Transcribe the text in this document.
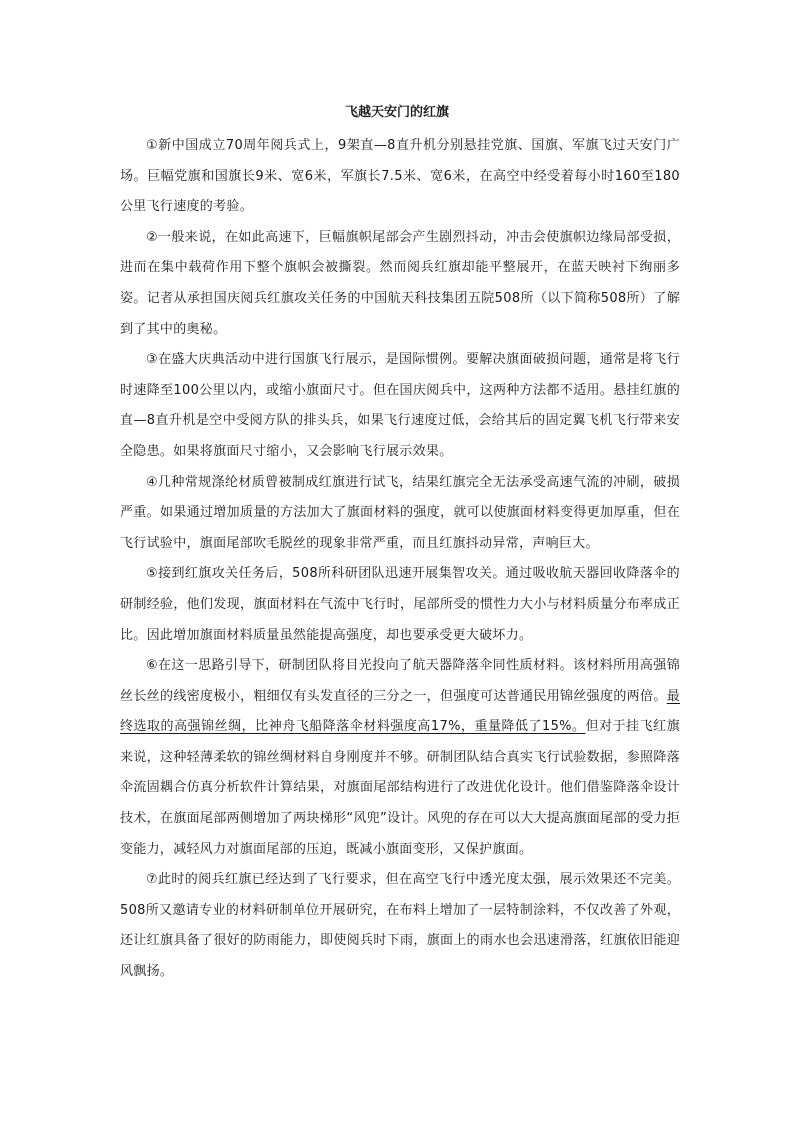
飞越天安门的红旗

①新中国成立70周年阅兵式上，9架直—8直升机分别悬挂党旗、国旗、军旗飞过天安门广场。巨幅党旗和国旗长9米、宽6米，军旗长7.5米、宽6米，在高空中经受着每小时160至180公里飞行速度的考验。

②一般来说，在如此高速下，巨幅旗帜尾部会产生剧烈抖动，冲击会使旗帜边缘局部受损，进而在集中载荷作用下整个旗帜会被撕裂。然而阅兵红旗却能平整展开，在蓝天映衬下绚丽多姿。记者从承担国庆阅兵红旗攻关任务的中国航天科技集团五院508所（以下简称508所）了解到了其中的奥秘。

③在盛大庆典活动中进行国旗飞行展示，是国际惯例。要解决旗面破损问题，通常是将飞行时速降至100公里以内，或缩小旗面尺寸。但在国庆阅兵中，这两种方法都不适用。悬挂红旗的直—8直升机是空中受阅方队的排头兵，如果飞行速度过低，会给其后的固定翼飞机飞行带来安全隐患。如果将旗面尺寸缩小，又会影响飞行展示效果。

④几种常规涤纶材质曾被制成红旗进行试飞，结果红旗完全无法承受高速气流的冲刷，破损严重。如果通过增加质量的方法加大了旗面材料的强度，就可以使旗面材料变得更加厚重，但在飞行试验中，旗面尾部吹毛脱丝的现象非常严重，而且红旗抖动异常，声响巨大。

⑤接到红旗攻关任务后，508所科研团队迅速开展集智攻关。通过吸收航天器回收降落伞的研制经验，他们发现，旗面材料在气流中飞行时，尾部所受的惯性力大小与材料质量分布率成正比。因此增加旗面材料质量虽然能提高强度，却也要承受更大破坏力。

⑥在这一思路引导下，研制团队将目光投向了航天器降落伞同性质材料。该材料所用高强锦丝长丝的线密度极小，粗细仅有头发直径的三分之一，但强度可达普通民用锦丝强度的两倍。最终选取的高强锦丝绸，比神舟飞船降落伞材料强度高17%，重量降低了15%。但对于挂飞红旗来说，这种轻薄柔软的锦丝绸材料自身刚度并不够。研制团队结合真实飞行试验数据，参照降落伞流固耦合仿真分析软件计算结果，对旗面尾部结构进行了改进优化设计。他们借鉴降落伞设计技术，在旗面尾部两侧增加了两块梯形“风兜”设计。风兜的存在可以大大提高旗面尾部的受力拒变能力，减轻风力对旗面尾部的压迫，既减小旗面变形，又保护旗面。

⑦此时的阅兵红旗已经达到了飞行要求，但在高空飞行中透光度太强，展示效果还不完美。508所又邀请专业的材料研制单位开展研究，在布料上增加了一层特制涂料，不仅改善了外观，还让红旗具备了很好的防雨能力，即使阅兵时下雨，旗面上的雨水也会迅速滑落，红旗依旧能迎风飘扬。
